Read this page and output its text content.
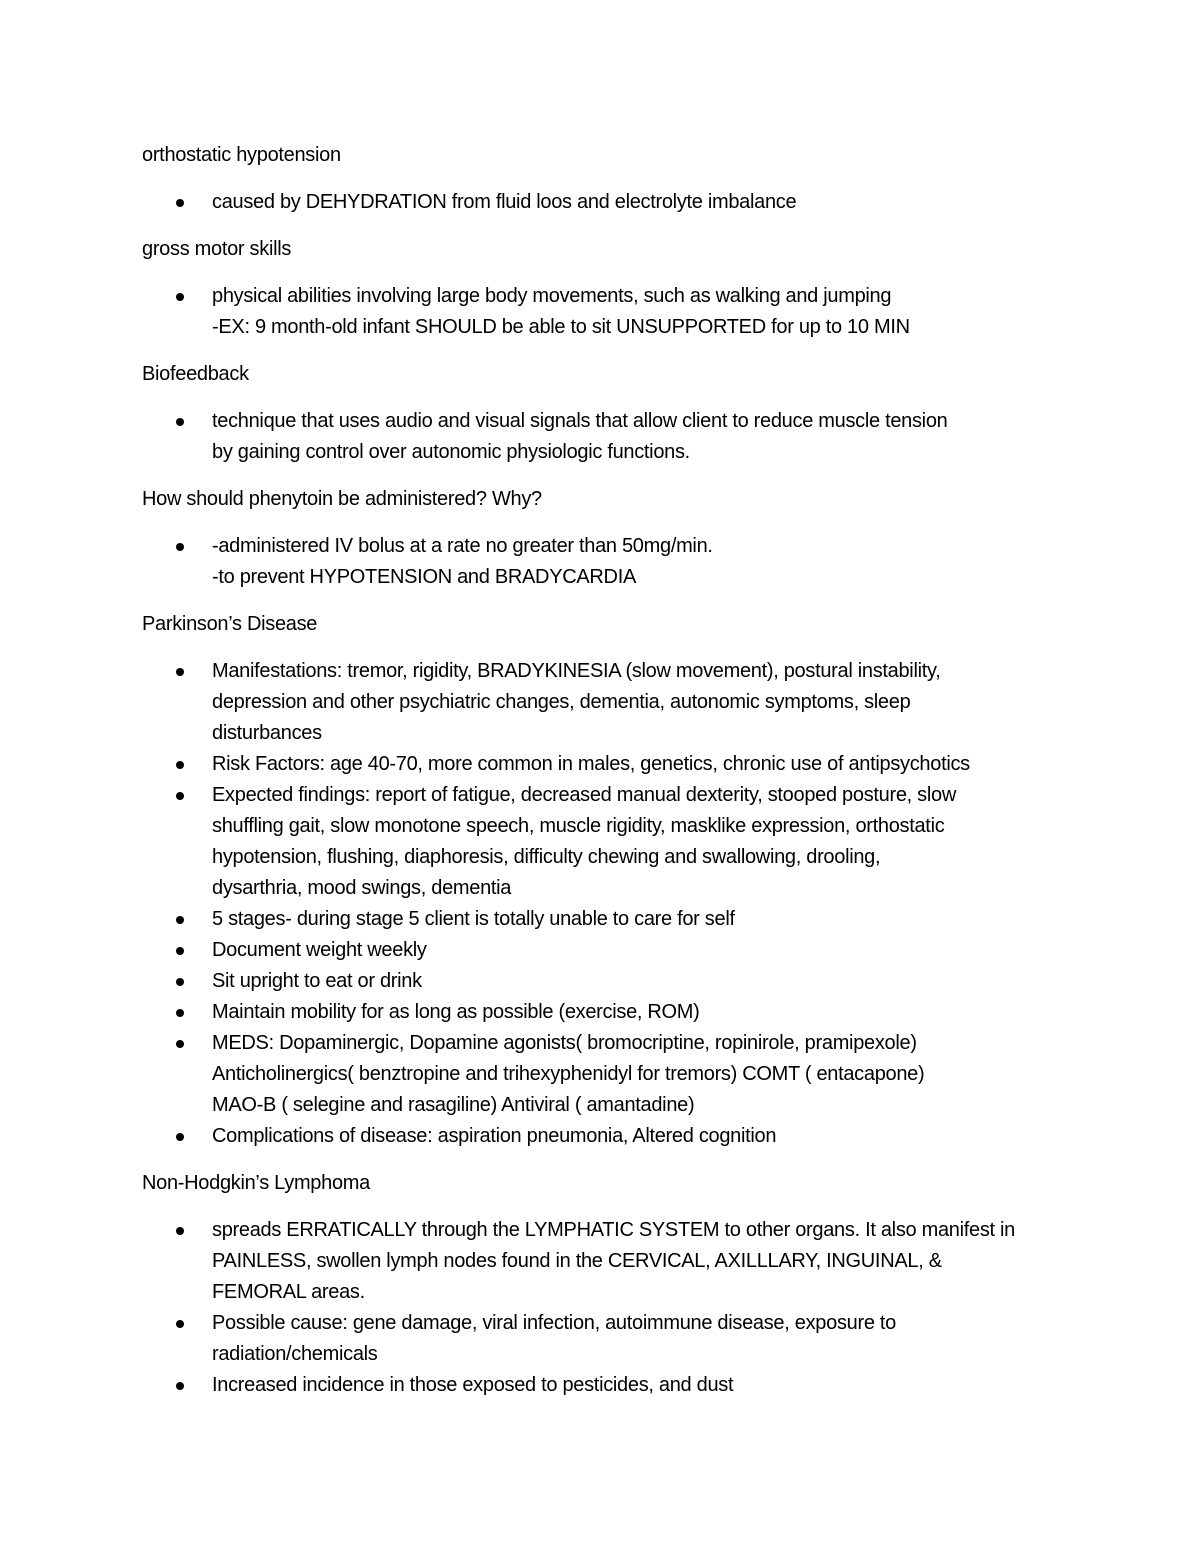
orthostatic hypotension

caused by DEHYDRATION from fluid loos and electrolyte imbalance

gross motor skills

physical abilities involving large body movements, such as walking and jumping
-EX: 9 month-old infant SHOULD be able to sit UNSUPPORTED for up to 10 MIN

Biofeedback

technique that uses audio and visual signals that allow client to reduce muscle tension
by gaining control over autonomic physiologic functions.

How should phenytoin be administered? Why?

-administered IV bolus at a rate no greater than 50mg/min.
-to prevent HYPOTENSION and BRADYCARDIA

Parkinson’s Disease

Manifestations: tremor, rigidity, BRADYKINESIA (slow movement), postural instability,
depression and other psychiatric changes, dementia, autonomic symptoms, sleep
disturbances
Risk Factors: age 40-70, more common in males, genetics, chronic use of antipsychotics
Expected findings: report of fatigue, decreased manual dexterity, stooped posture, slow
shuffling gait, slow monotone speech, muscle rigidity, masklike expression, orthostatic
hypotension, flushing, diaphoresis, difficulty chewing and swallowing, drooling,
dysarthria, mood swings, dementia
5 stages- during stage 5 client is totally unable to care for self
Document weight weekly
Sit upright to eat or drink
Maintain mobility for as long as possible (exercise, ROM)
MEDS: Dopaminergic, Dopamine agonists( bromocriptine, ropinirole, pramipexole)
Anticholinergics( benztropine and trihexyphenidyl for tremors) COMT ( entacapone)
MAO-B ( selegine and rasagiline) Antiviral ( amantadine)
Complications of disease: aspiration pneumonia, Altered cognition

Non-Hodgkin’s Lymphoma

spreads ERRATICALLY through the LYMPHATIC SYSTEM to other organs. It also manifest in
PAINLESS, swollen lymph nodes found in the CERVICAL, AXILLLARY, INGUINAL, &
FEMORAL areas.
Possible cause: gene damage, viral infection, autoimmune disease, exposure to
radiation/chemicals
Increased incidence in those exposed to pesticides, and dust
